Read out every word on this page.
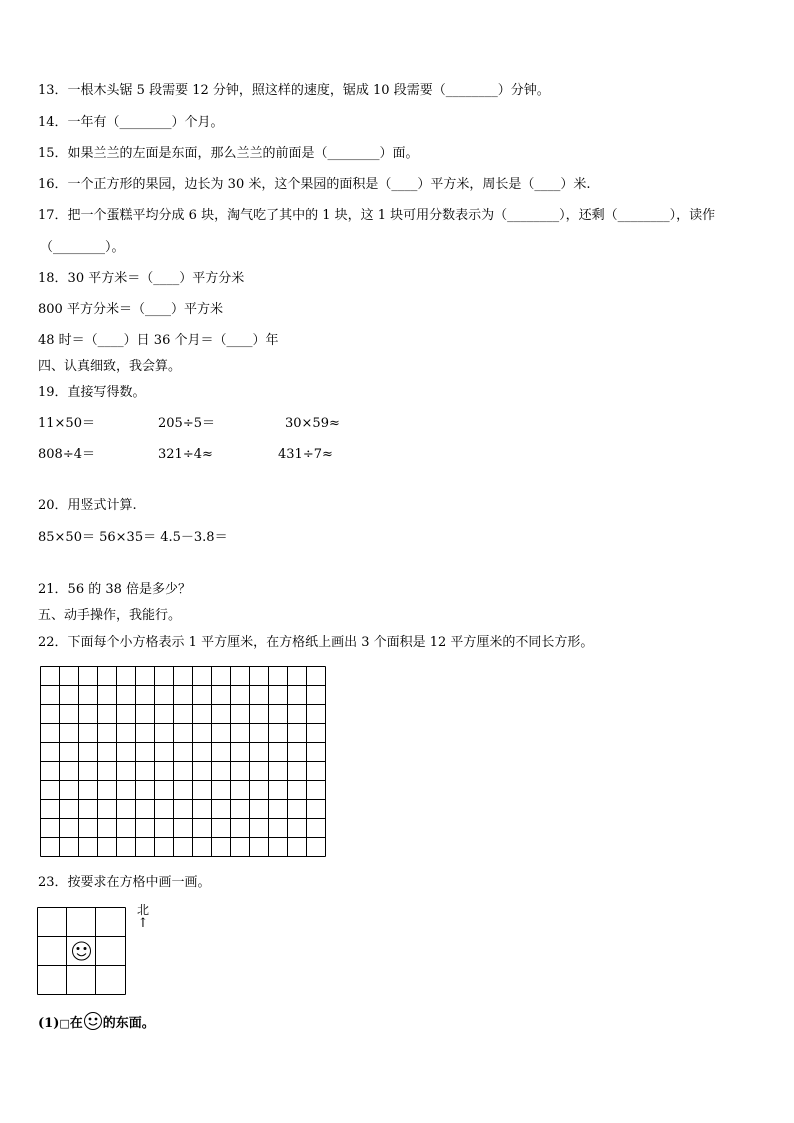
13．一根木头锯 5 段需要 12 分钟，照这样的速度，锯成 10 段需要（________）分钟。
14．一年有（________）个月。
15．如果兰兰的左面是东面，那么兰兰的前面是（________）面。
16．一个正方形的果园，边长为 30 米，这个果园的面积是（____）平方米，周长是（____）米.
17．把一个蛋糕平均分成 6 块，淘气吃了其中的 1 块，这 1 块可用分数表示为（________），还剩（________），读作
（________）。
18．30 平方米＝（____）平方分米
800 平方分米＝（____）平方米
48 时＝（____）日 36 个月＝（____）年
四、认真细致，我会算。
19．直接写得数。
11×50＝	205÷5＝	30×59≈
808÷4＝	321÷4≈	431÷7≈
20．用竖式计算.
85×50＝ 56×35＝ 4.5－3.8＝
21．56 的 38 倍是多少？
五、动手操作，我能行。
22．下面每个小方格表示 1 平方厘米，在方格纸上画出 3 个面积是 12 平方厘米的不同长方形。
23．按要求在方格中画一画。
北
↑
(1)□在 的东面。
